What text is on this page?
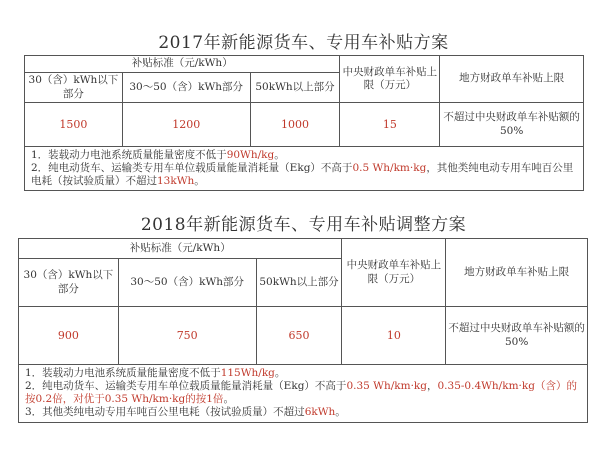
2017年新能源货车、专用车补贴方案
补贴标准（元/kWh）			中央财政单车补贴上限（万元）	地方财政单车补贴上限
30（含）kWh以下部分	30～50（含）kWh部分	50kWh以上部分		
1500	1200	1000	15	不超过中央财政单车补贴额的50%

1．装载动力电池系统质量能量密度不低于90Wh/kg。
2．纯电动货车、运输类专用车单位载质量能量消耗量（Ekg）不高于0.5 Wh/km·kg，其他类纯电动专用车吨百公里电耗（按试验质量）不超过13kWh。				
2018年新能源货车、专用车补贴调整方案
补贴标准（元/kWh）			中央财政单车补贴上限（万元）	地方财政单车补贴上限
30（含）kWh以下部分	30～50（含）kWh部分	50kWh以上部分		
900	750	650	10	不超过中央财政单车补贴额的50%

1．装载动力电池系统质量能量密度不低于115Wh/kg。
2．纯电动货车、运输类专用车单位载质量能量消耗量（Ekg）不高于0.35 Wh/km·kg，0.35-0.4Wh/km·kg（含）的按0.2倍，对优于0.35 Wh/km·kg的按1倍。
3．其他类纯电动专用车吨百公里电耗（按试验质量）不超过6kWh。				
